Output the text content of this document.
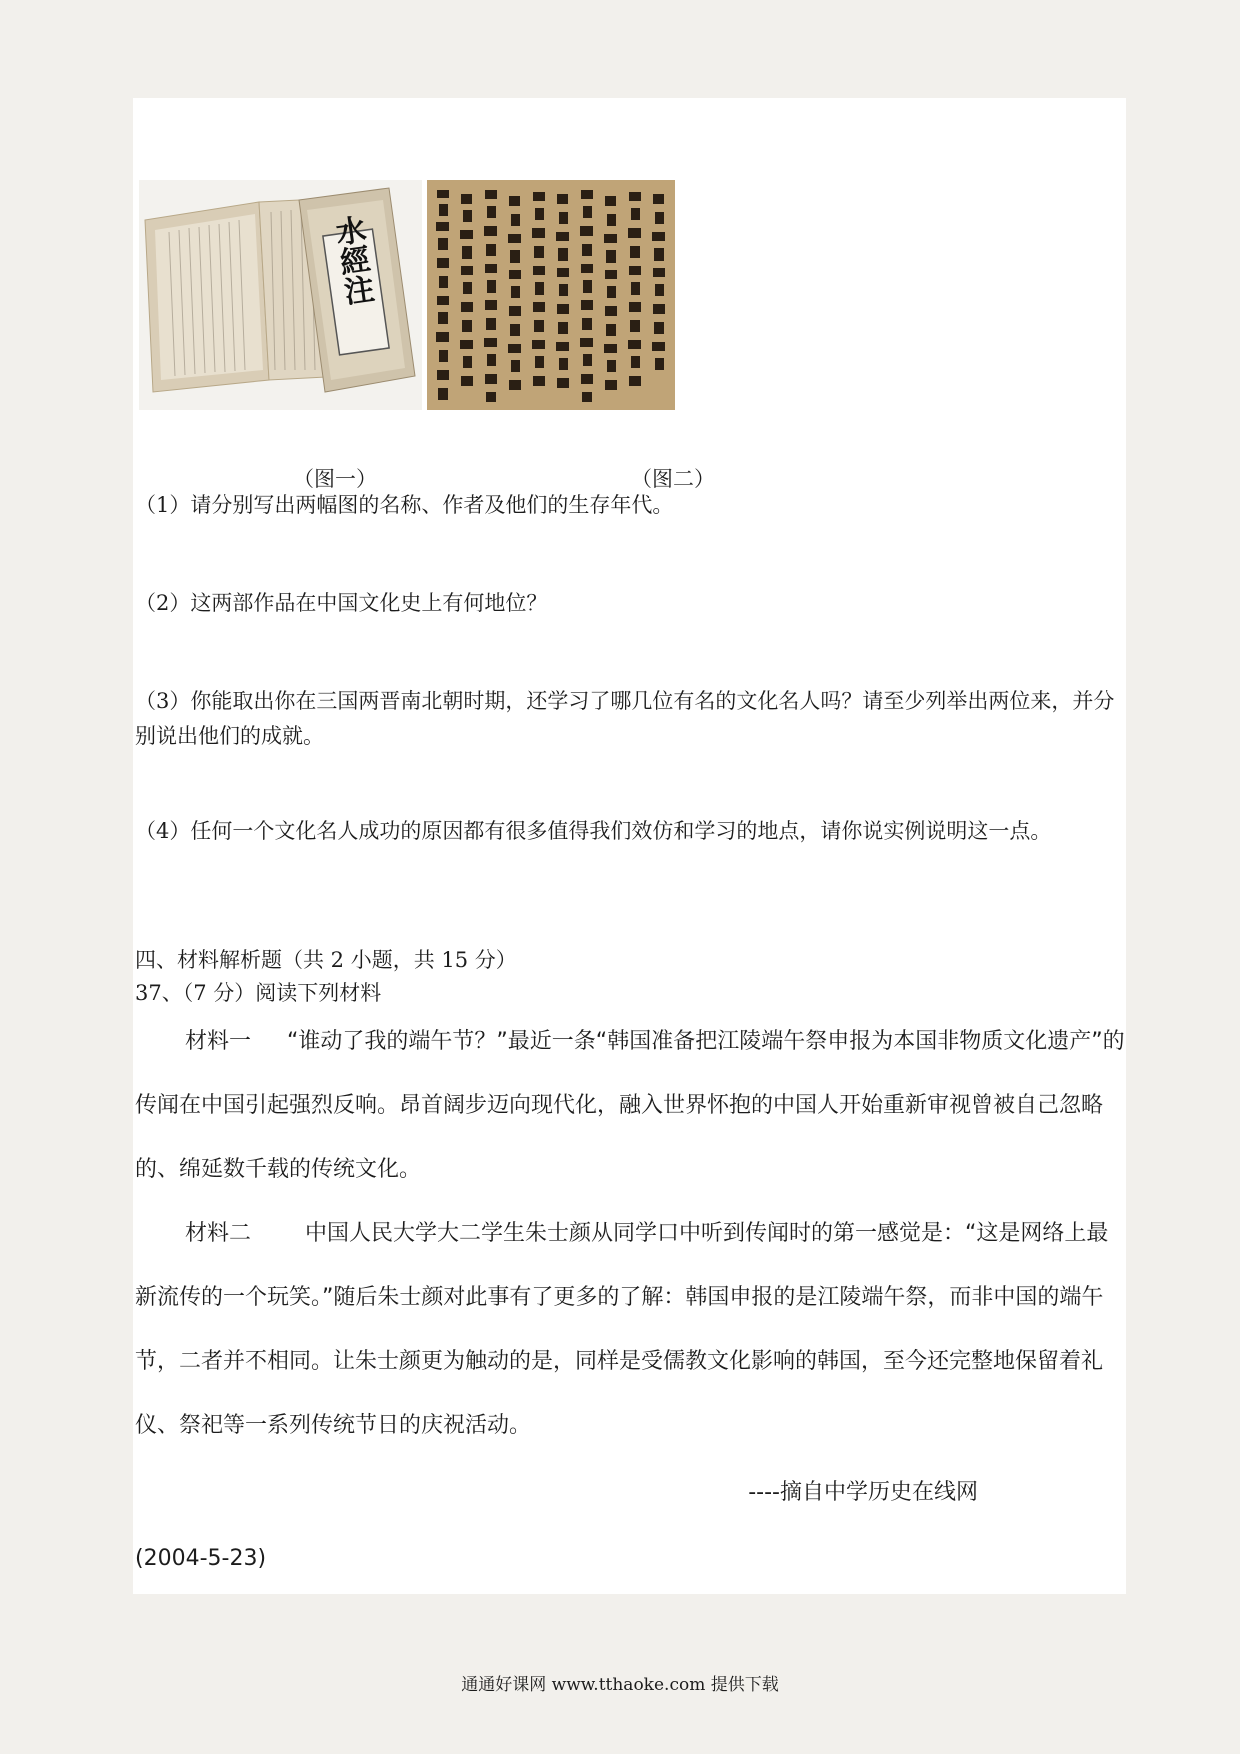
水經注
（图一）	（图二）
（1）请分别写出两幅图的名称、作者及他们的生存年代。
（2）这两部作品在中国文化史上有何地位？
（3）你能取出你在三国两晋南北朝时期，还学习了哪几位有名的文化名人吗？请至少列举出两位来，并分别说出他们的成就。
（4）任何一个文化名人成功的原因都有很多值得我们效仿和学习的地点，请你说实例说明这一点。
四、材料解析题（共 2 小题，共 15 分）
37、（7 分）阅读下列材料
材料一 “谁动了我的端午节？”最近一条“韩国准备把江陵端午祭申报为本国非物质文化遗产”的传闻在中国引起强烈反响。昂首阔步迈向现代化，融入世界怀抱的中国人开始重新审视曾被自己忽略的、绵延数千载的传统文化。
材料二 中国人民大学大二学生朱士颜从同学口中听到传闻时的第一感觉是：“这是网络上最新流传的一个玩笑。”随后朱士颜对此事有了更多的了解：韩国申报的是江陵端午祭，而非中国的端午节，二者并不相同。让朱士颜更为触动的是，同样是受儒教文化影响的韩国，至今还完整地保留着礼仪、祭祀等一系列传统节日的庆祝活动。
----摘自中学历史在线网
(2004-5-23)
通通好课网 www.tthaoke.com 提供下载
